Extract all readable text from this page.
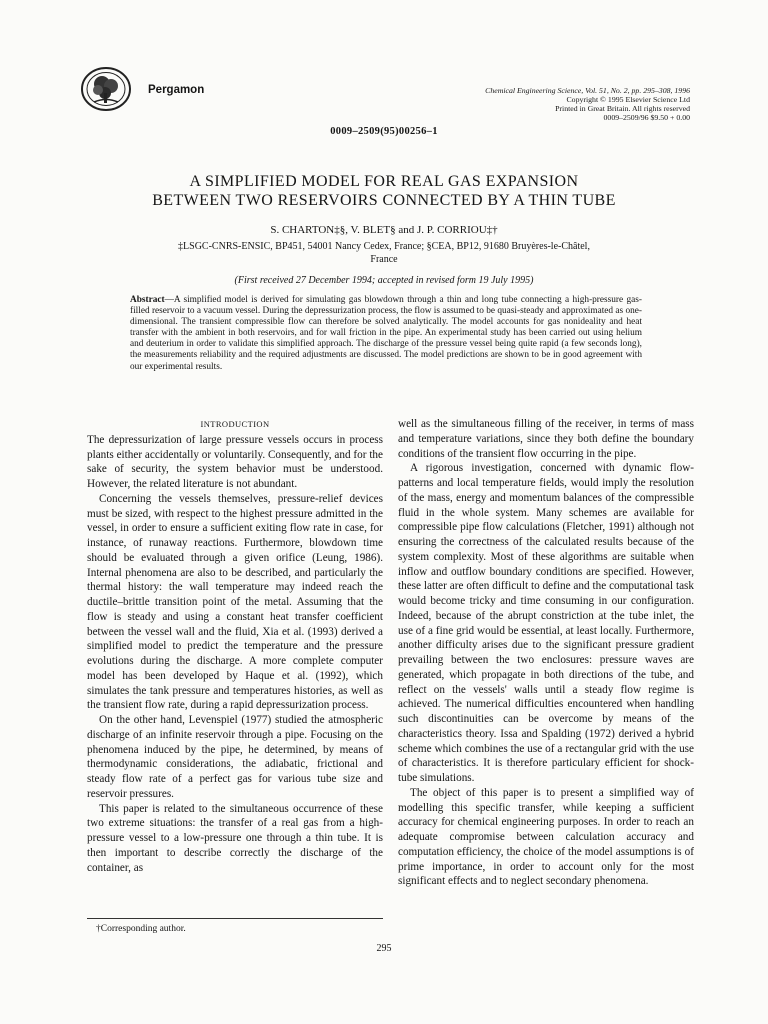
Pergamon	Chemical Engineering Science, Vol. 51, No. 2, pp. 295–308, 1996
Copyright © 1995 Elsevier Science Ltd
Printed in Great Britain. All rights reserved
0009–2509/96 $9.50 + 0.00
0009–2509(95)00256–1
A SIMPLIFIED MODEL FOR REAL GAS EXPANSION
BETWEEN TWO RESERVOIRS CONNECTED BY A THIN TUBE
S. CHARTON‡§, V. BLET§ and J. P. CORRIOU‡†
‡LSGC-CNRS-ENSIC, BP451, 54001 Nancy Cedex, France; §CEA, BP12, 91680 Bruyères-le-Châtel,
France
(First received 27 December 1994; accepted in revised form 19 July 1995)
Abstract—A simplified model is derived for simulating gas blowdown through a thin and long tube connecting a high-pressure gas-filled reservoir to a vacuum vessel. During the depressurization process, the flow is assumed to be quasi-steady and approximated as one-dimensional. The transient compressible flow can therefore be solved analytically. The model accounts for gas nonideality and heat transfer with the ambient in both reservoirs, and for wall friction in the pipe. An experimental study has been carried out using helium and deuterium in order to validate this simplified approach. The discharge of the pressure vessel being quite rapid (a few seconds long), the measurements reliability and the required adjustments are discussed. The model predictions are shown to be in good agreement with our experimental results.
INTRODUCTION

The depressurization of large pressure vessels occurs in process plants either accidentally or voluntarily. Consequently, and for the sake of security, the system behavior must be understood. However, the related literature is not abundant.

Concerning the vessels themselves, pressure-relief devices must be sized, with respect to the highest pressure admitted in the vessel, in order to ensure a sufficient exiting flow rate in case, for instance, of runaway reactions. Furthermore, blowdown time should be evaluated through a given orifice (Leung, 1986). Internal phenomena are also to be described, and particularly the thermal history: the wall temperature may indeed reach the ductile–brittle transition point of the metal. Assuming that the flow is steady and using a constant heat transfer coefficient between the vessel wall and the fluid, Xia et al. (1993) derived a simplified model to predict the temperature and the pressure evolutions during the discharge. A more complete computer model has been developed by Haque et al. (1992), which simulates the tank pressure and temperatures histories, as well as the transient flow rate, during a rapid depressurization process.

On the other hand, Levenspiel (1977) studied the atmospheric discharge of an infinite reservoir through a pipe. Focusing on the phenomena induced by the pipe, he determined, by means of thermodynamic considerations, the adiabatic, frictional and steady flow rate of a perfect gas for various tube size and reservoir pressures.

This paper is related to the simultaneous occurrence of these two extreme situations: the transfer of a real gas from a high-pressure vessel to a low-pressure one through a thin tube. It is then important to describe correctly the discharge of the container, as

well as the simultaneous filling of the receiver, in terms of mass and temperature variations, since they both define the boundary conditions of the transient flow occurring in the pipe.

A rigorous investigation, concerned with dynamic flow-patterns and local temperature fields, would imply the resolution of the mass, energy and momentum balances of the compressible fluid in the whole system. Many schemes are available for compressible pipe flow calculations (Fletcher, 1991) although not ensuring the correctness of the calculated results because of the system complexity. Most of these algorithms are suitable when inflow and outflow boundary conditions are specified. However, these latter are often difficult to define and the computational task would become tricky and time consuming in our configuration. Indeed, because of the abrupt constriction at the tube inlet, the use of a fine grid would be essential, at least locally. Furthermore, another difficulty arises due to the significant pressure gradient prevailing between the two enclosures: pressure waves are generated, which propagate in both directions of the tube, and reflect on the vessels' walls until a steady flow regime is achieved. The numerical difficulties encountered when handling such discontinuities can be overcome by means of the characteristics theory. Issa and Spalding (1972) derived a hybrid scheme which combines the use of a rectangular grid with the use of characteristics. It is therefore particulary efficient for shock-tube simulations.

The object of this paper is to present a simplified way of modelling this specific transfer, while keeping a sufficient accuracy for chemical engineering purposes. In order to reach an adequate compromise between calculation accuracy and computation efficiency, the choice of the model assumptions is of prime importance, in order to account only for the most significant effects and to neglect secondary phenomena.

†Corresponding author.
295
